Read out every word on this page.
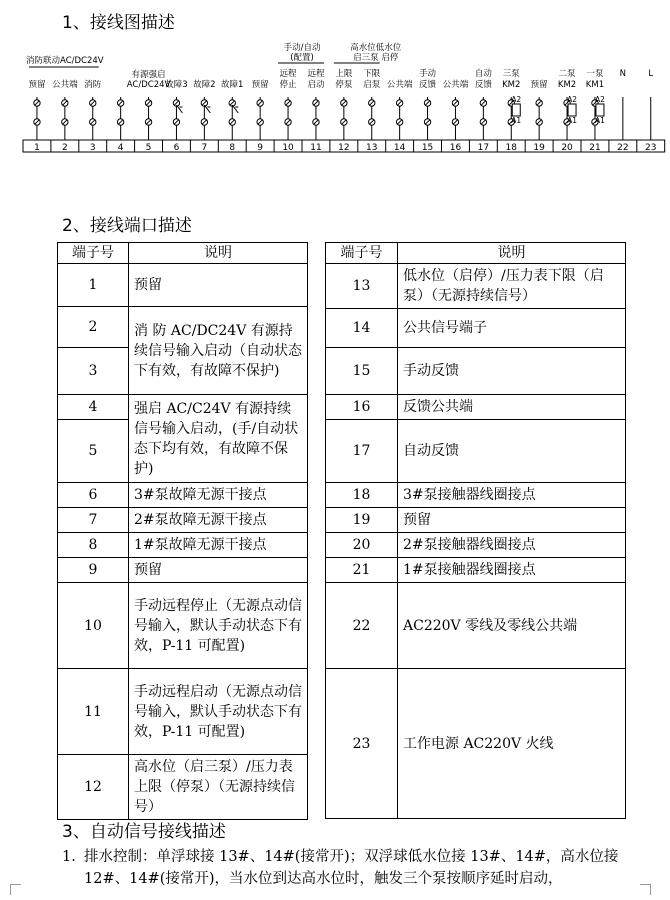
1、接线图描述
1 2 3 4 5 6 7 8 9 10 11 12 13 14 15 16 17 18 19 20 21 22 23
A2
A1
A2
A1
A2
A1
消防联动AC/DC24V
有源强启
AC/DC24V
手动/自动
(配置)
高水位低水位
启三泵 启停
远程 远程 上限 下限	手动	自动 三泵	二泵 一泵 N	L
预留 公共端 消防	故障3 故障2 故障1 预留 停止 启动 停泵 启泵 公共端 反馈 公共端 反馈 KM2 预留 KM2 KM1
2、接线端口描述
端子号	说明
1	预留
2	消 防 AC/DC24V 有源持续信号输入启动（自动状态下有效，有故障不保护)
3	
4	强启 AC/C24V 有源持续信号输入启动，(手/自动状态下均有效，有故障不保护)
5	
6	3#泵故障无源干接点
7	2#泵故障无源干接点
8	1#泵故障无源干接点
9	预留
10	手动远程停止（无源点动信号输入，默认手动状态下有效，P-11 可配置)
11	手动远程启动（无源点动信号输入，默认手动状态下有效，P-11 可配置)
12	高水位（启三泵）/压力表上限（停泵）（无源持续信号）
端子号	说明
13	低水位（启停）/压力表下限（启泵）（无源持续信号）
14	公共信号端子
15	手动反馈
16	反馈公共端
17	自动反馈
18	3#泵接触器线圈接点
19	预留
20	2#泵接触器线圈接点
21	1#泵接触器线圈接点
22	AC220V 零线及零线公共端
23	工作电源 AC220V 火线
3、自动信号接线描述
1. 排水控制：单浮球接 13#、14#(接常开)；双浮球低水位接 13#、14#，高水位接 12#、14#(接常开)，当水位到达高水位时，触发三个泵按顺序延时启动，
